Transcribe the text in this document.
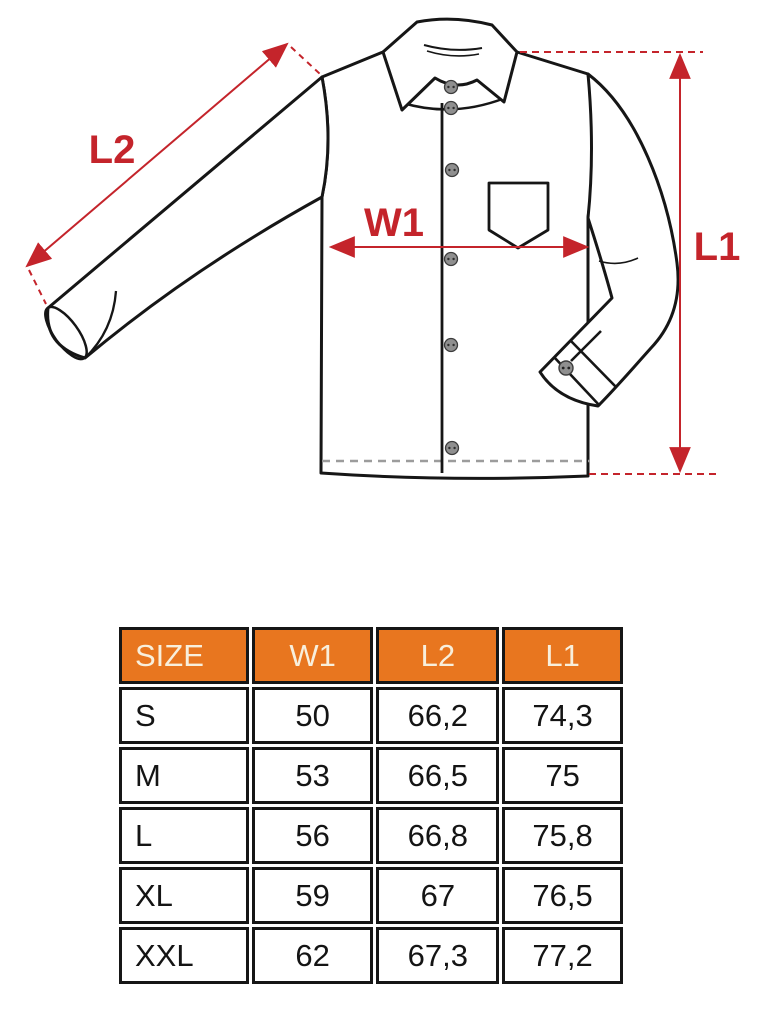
L2
W1
L1
SIZE	W1	L2	L1
S	50	66,2	74,3
M	53	66,5	75
L	56	66,8	75,8
XL	59	67	76,5
XXL	62	67,3	77,2
